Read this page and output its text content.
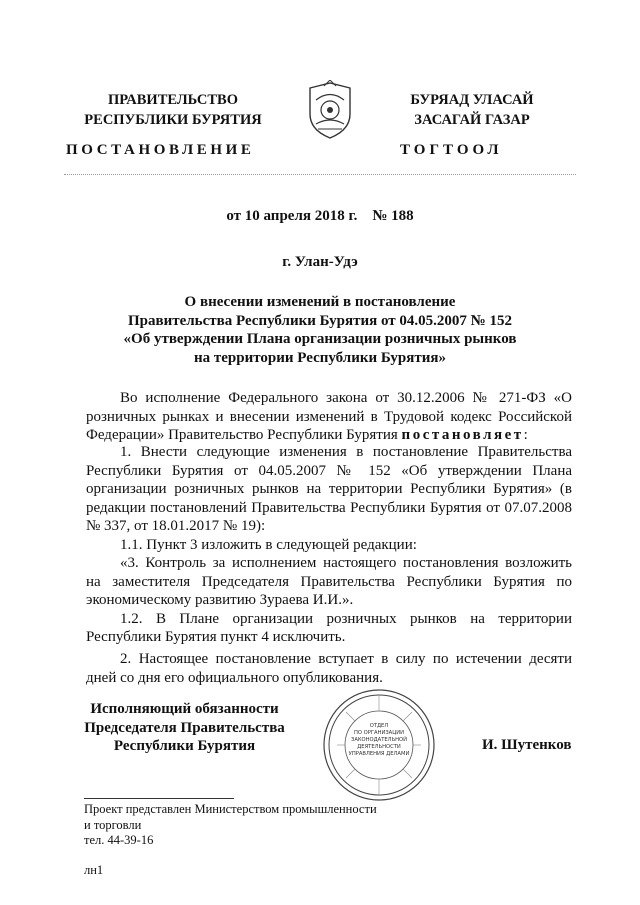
ПРАВИТЕЛЬСТВО
РЕСПУБЛИКИ БУРЯТИЯ
БУРЯАД УЛАСАЙ
ЗАСАГАЙ ГАЗАР
ПОСТАНОВЛЕНИЕ	ТОГТООЛ
от 10 апреля 2018 г.    № 188
г. Улан-Удэ
О внесении изменений в постановление
Правительства Республики Бурятия от 04.05.2007 № 152
«Об утверждении Плана организации розничных рынков
на территории Республики Бурятия»

Во исполнение Федерального закона от 30.12.2006 № 271-ФЗ «О розничных рынках и внесении изменений в Трудовой кодекс Российской Федерации» Правительство Республики Бурятия постановляет:

1. Внести следующие изменения в постановление Правительства Республики Бурятия от 04.05.2007 № 152 «Об утверждении Плана организации розничных рынков на территории Республики Бурятия» (в редакции постановлений Правительства Республики Бурятия от 07.07.2008 № 337, от 18.01.2017 № 19):

1.1. Пункт 3 изложить в следующей редакции:

«3. Контроль за исполнением настоящего постановления возложить на заместителя Председателя Правительства Республики Бурятия по экономическому развитию Зураева И.И.».

1.2. В Плане организации розничных рынков на территории Республики Бурятия пункт 4 исключить.

2. Настоящее постановление вступает в силу по истечении десяти дней со дня его официального опубликования.

Исполняющий обязанности
Председателя Правительства
Республики Бурятия
ОТДЕЛ
ПО ОРГАНИЗАЦИИ
ЗАКОНОДАТЕЛЬНОЙ
ДЕЯТЕЛЬНОСТИ
УПРАВЛЕНИЯ ДЕЛАМИ
И. Шутенков
Проект представлен Министерством промышленности
и торговли
тел. 44-39-16
лн1
